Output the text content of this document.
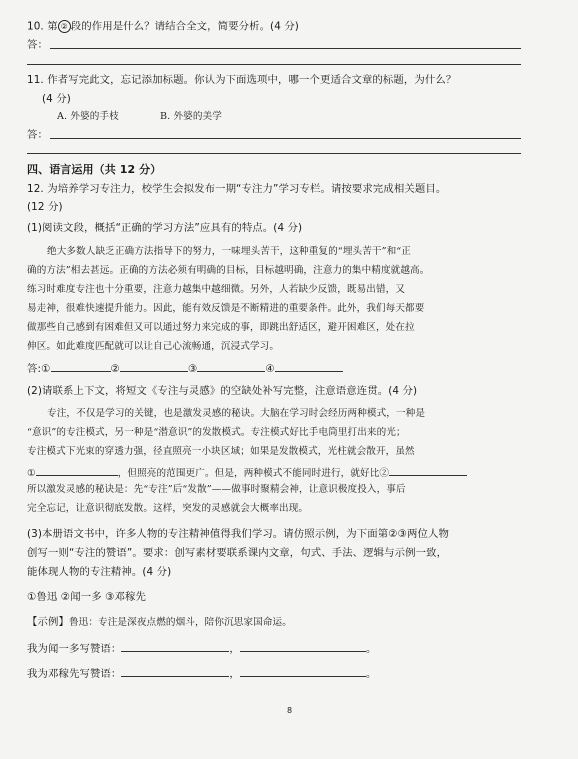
10. 第 ② 段的作用是什么？请结合全文，简要分析。(4 分)
答：
11. 作者写完此文，忘记添加标题。你认为下面选项中，哪一个更适合文章的标题，为什么？
(4 分)
A. 外婆的手枝	B. 外婆的美学
答：
四、语言运用（共 12 分）
12. 为培养学习专注力，校学生会拟发布一期“专注力”学习专栏。请按要求完成相关题目。
(12 分)
(1)阅读文段，概括“正确的学习方法”应具有的特点。(4 分)
绝大多数人缺乏正确方法指导下的努力，一味埋头苦干，这种重复的“埋头苦干”和“正
确的方法”相去甚远。正确的方法必须有明确的目标，目标越明确，注意力的集中精度就越高。
练习时难度专注也十分重要，注意力越集中越细微。另外，人若缺少反馈，既易出错，又
易走神，很难快速提升能力。因此，能有效反馈是不断精进的重要条件。此外，我们每天都要
做那些自己感到有困难但又可以通过努力来完成的事，即跳出舒适区，避开困难区，处在拉
伸区。如此难度匹配就可以让自己心流畅通，沉浸式学习。
答:①	②	③	④
(2)请联系上下文，将短文《专注与灵感》的空缺处补写完整，注意语意连贯。(4 分)
专注，不仅是学习的关键，也是激发灵感的秘诀。大脑在学习时会经历两种模式，一种是
“意识”的专注模式，另一种是“潜意识”的发散模式。专注模式好比手电筒里打出来的光；
专注模式下光束的穿透力强，径直照亮一小块区域；如果是发散模式，光柱就会散开，虽然
①	，但照亮的范围更广。但是，两种模式不能同时进行，就好比②
所以激发灵感的秘诀是：先“专注”后“发散”——做事时聚精会神，让意识极度投入，事后
完全忘记，让意识彻底发散。这样，突发的灵感就会大概率出现。
(3)本册语文书中，许多人物的专注精神值得我们学习。请仿照示例，为下面第②③两位人物
创写一则“专注的赞语”。要求：创写素材要联系课内文章，句式、手法、逻辑与示例一致，
能体现人物的专注精神。(4 分)
①鲁迅 ②闻一多 ③邓稼先
【示例】鲁迅：专注是深夜点燃的烟斗，陪你沉思家国命运。
我为闻一多写赞语：	，	。
我为邓稼先写赞语：	，	。
8
